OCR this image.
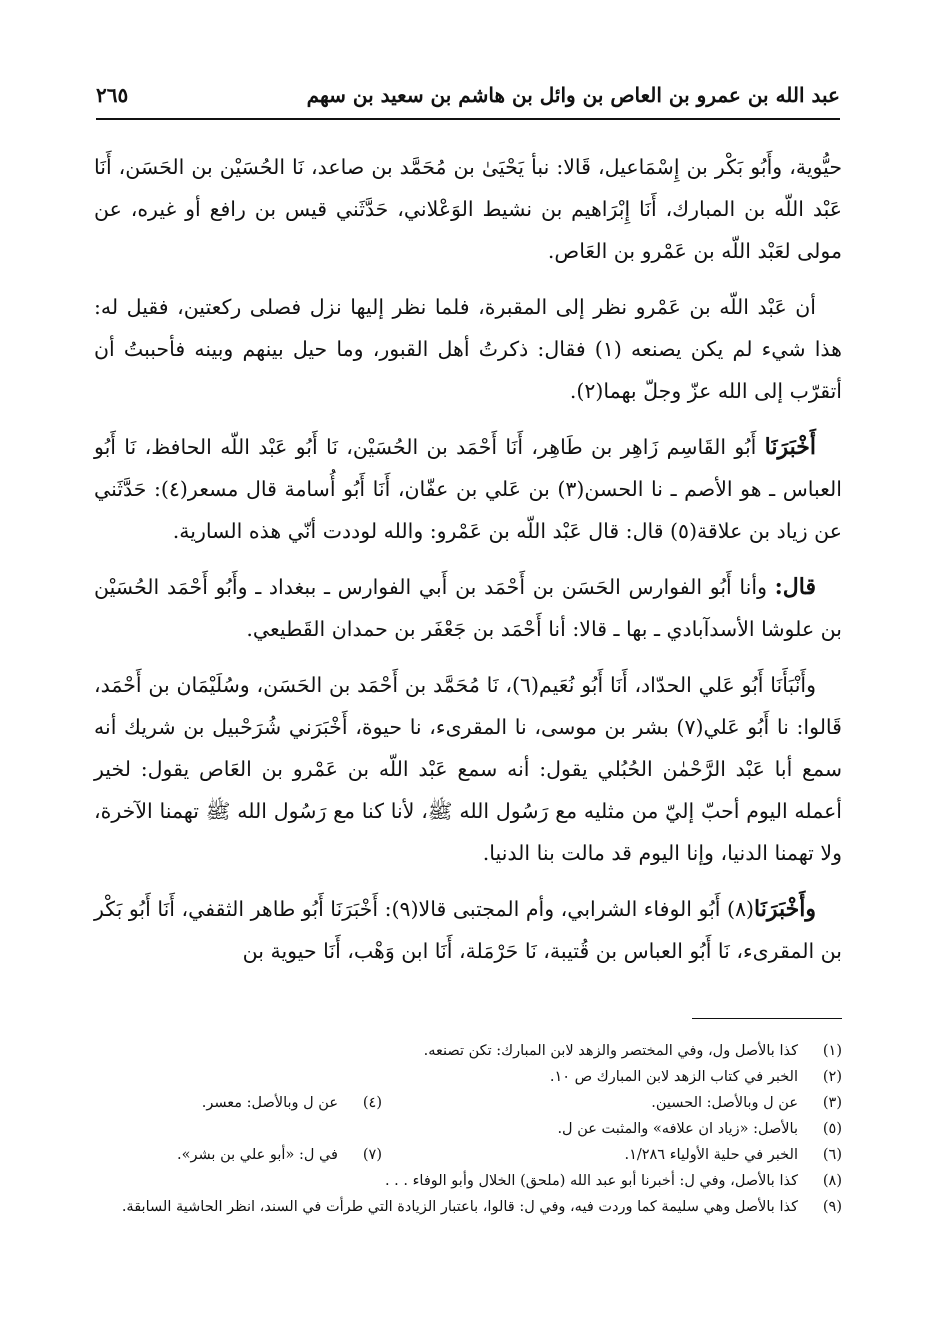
عبد الله بن عمرو بن العاص بن وائل بن هاشم بن سعيد بن سهم
٢٦٥

حيُّوية، وأَبُو بَكْر بن إِسْمَاعيل، قَالا: نبأ يَحْيَىٰ بن مُحَمَّد بن صاعد، نَا الحُسَيْن بن الحَسَن، أَنَا عَبْد اللّه بن المبارك، أَنَا إِبْرَاهيم بن نشيط الوَعْلاني، حَدَّثَني قيس بن رافع أو غيره، عن مولى لعَبْد اللّه بن عَمْرو بن العَاص.

أن عَبْد اللّه بن عَمْرو نظر إلى المقبرة، فلما نظر إليها نزل فصلى ركعتين، فقيل له: هذا شيء لم يكن يصنعه (١) فقال: ذكرتُ أهل القبور، وما حيل بينهم وبينه فأحببتُ أن أتقرّب إلى الله عزّ وجلّ بهما(٢).

أَخْبَرَنَا أَبُو القَاسِم زَاهِر بن طَاهِر، أَنَا أَحْمَد بن الحُسَيْن، نَا أَبُو عَبْد اللّه الحافظ، نَا أَبُو العباس ـ هو الأصم ـ نا الحسن(٣) بن عَلي بن عفّان، أَنَا أَبُو أُسامة قال مسعر(٤): حَدَّثَني عن زياد بن علاقة(٥) قال: قال عَبْد اللّه بن عَمْرو: والله لوددت أنّي هذه السارية.

قال: وأنا أَبُو الفوارس الحَسَن بن أَحْمَد بن أَبي الفوارس ـ ببغداد ـ وأَبُو أَحْمَد الحُسَيْن بن علوشا الأسدآبادي ـ بها ـ قالا: أنا أَحْمَد بن جَعْفَر بن حمدان القَطيعي.

وأَنْبَأَنَا أَبُو عَلي الحدّاد، أَنَا أَبُو نُعَيم(٦)، نَا مُحَمَّد بن أَحْمَد بن الحَسَن، وسُلَيْمَان بن أَحْمَد، قَالوا: نا أَبُو عَلي(٧) بشر بن موسى، نا المقرىء، نا حيوة، أَخْبَرَني شُرَحْبيل بن شريك أنه سمع أبا عَبْد الرَّحْمٰن الحُبُلي يقول: أنه سمع عَبْد اللّه بن عَمْرو بن العَاص يقول: لخير أعمله اليوم أحبّ إليّ من مثليه مع رَسُول الله ﷺ، لأنا كنا مع رَسُول الله ﷺ تهمنا الآخرة، ولا تهمنا الدنيا، وإنا اليوم قد مالت بنا الدنيا.

وأَخْبَرَنَا(٨) أَبُو الوفاء الشرابي، وأم المجتبى قالا(٩): أَخْبَرَنَا أَبُو طاهر الثقفي، أَنَا أَبُو بَكْر بن المقرىء، نَا أَبُو العباس بن قُتيبة، نَا حَرْمَلة، أَنَا ابن وَهْب، أَنَا حيوية بن

(١)
كذا بالأصل ول، وفي المختصر والزهد لابن المبارك: تكن تصنعه.
(٢)
الخبر في كتاب الزهد لابن المبارك ص ١٠.
(٣)
عن ل وبالأصل: الحسين.
(٤)
عن ل وبالأصل: معسر.
(٥)
بالأصل: «زياد ان علافه» والمثبت عن ل.
(٦)
الخبر في حلية الأولياء ١/٢٨٦.
(٧)
في ل: «أبو علي بن بشر».
(٨)
كذا بالأصل، وفي ل: أخبرنا أبو عبد الله (ملحق) الخلال وأبو الوفاء . . .
(٩)
كذا بالأصل وهي سليمة كما وردت فيه، وفي ل: قالوا، باعتبار الزيادة التي طرأت في السند، انظر الحاشية السابقة.
